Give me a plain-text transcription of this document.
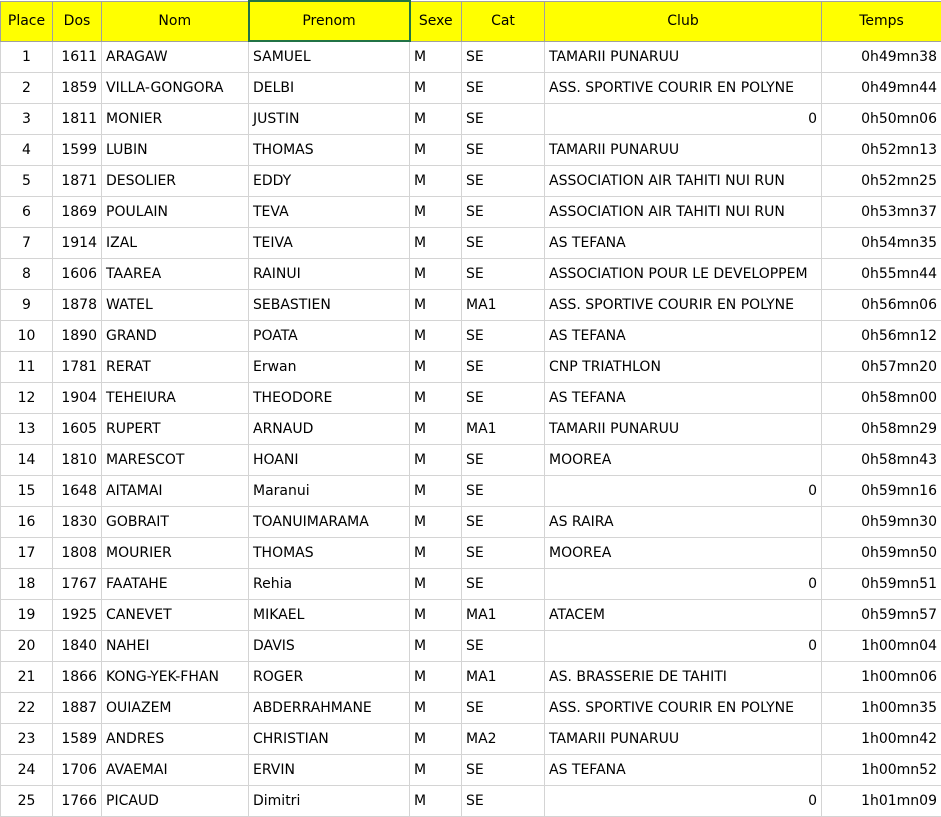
Place	Dos	Nom	Prenom	Sexe	Cat	Club	Temps
1	1611	ARAGAW	SAMUEL	M	SE	TAMARII PUNARUU	0h49mn38
2	1859	VILLA-GONGORA	DELBI	M	SE	ASS. SPORTIVE COURIR EN POLYNE	0h49mn44
3	1811	MONIER	JUSTIN	M	SE	0	0h50mn06
4	1599	LUBIN	THOMAS	M	SE	TAMARII PUNARUU	0h52mn13
5	1871	DESOLIER	EDDY	M	SE	ASSOCIATION AIR TAHITI NUI RUN	0h52mn25
6	1869	POULAIN	TEVA	M	SE	ASSOCIATION AIR TAHITI NUI RUN	0h53mn37
7	1914	IZAL	TEIVA	M	SE	AS TEFANA	0h54mn35
8	1606	TAAREA	RAINUI	M	SE	ASSOCIATION POUR LE DEVELOPPEM	0h55mn44
9	1878	WATEL	SEBASTIEN	M	MA1	ASS. SPORTIVE COURIR EN POLYNE	0h56mn06
10	1890	GRAND	POATA	M	SE	AS TEFANA	0h56mn12
11	1781	RERAT	Erwan	M	SE	CNP TRIATHLON	0h57mn20
12	1904	TEHEIURA	THEODORE	M	SE	AS TEFANA	0h58mn00
13	1605	RUPERT	ARNAUD	M	MA1	TAMARII PUNARUU	0h58mn29
14	1810	MARESCOT	HOANI	M	SE	MOOREA	0h58mn43
15	1648	AITAMAI	Maranui	M	SE	0	0h59mn16
16	1830	GOBRAIT	TOANUIMARAMA	M	SE	AS RAIRA	0h59mn30
17	1808	MOURIER	THOMAS	M	SE	MOOREA	0h59mn50
18	1767	FAATAHE	Rehia	M	SE	0	0h59mn51
19	1925	CANEVET	MIKAEL	M	MA1	ATACEM	0h59mn57
20	1840	NAHEI	DAVIS	M	SE	0	1h00mn04
21	1866	KONG-YEK-FHAN	ROGER	M	MA1	AS. BRASSERIE DE TAHITI	1h00mn06
22	1887	OUIAZEM	ABDERRAHMANE	M	SE	ASS. SPORTIVE COURIR EN POLYNE	1h00mn35
23	1589	ANDRES	CHRISTIAN	M	MA2	TAMARII PUNARUU	1h00mn42
24	1706	AVAEMAI	ERVIN	M	SE	AS TEFANA	1h00mn52
25	1766	PICAUD	Dimitri	M	SE	0	1h01mn09
